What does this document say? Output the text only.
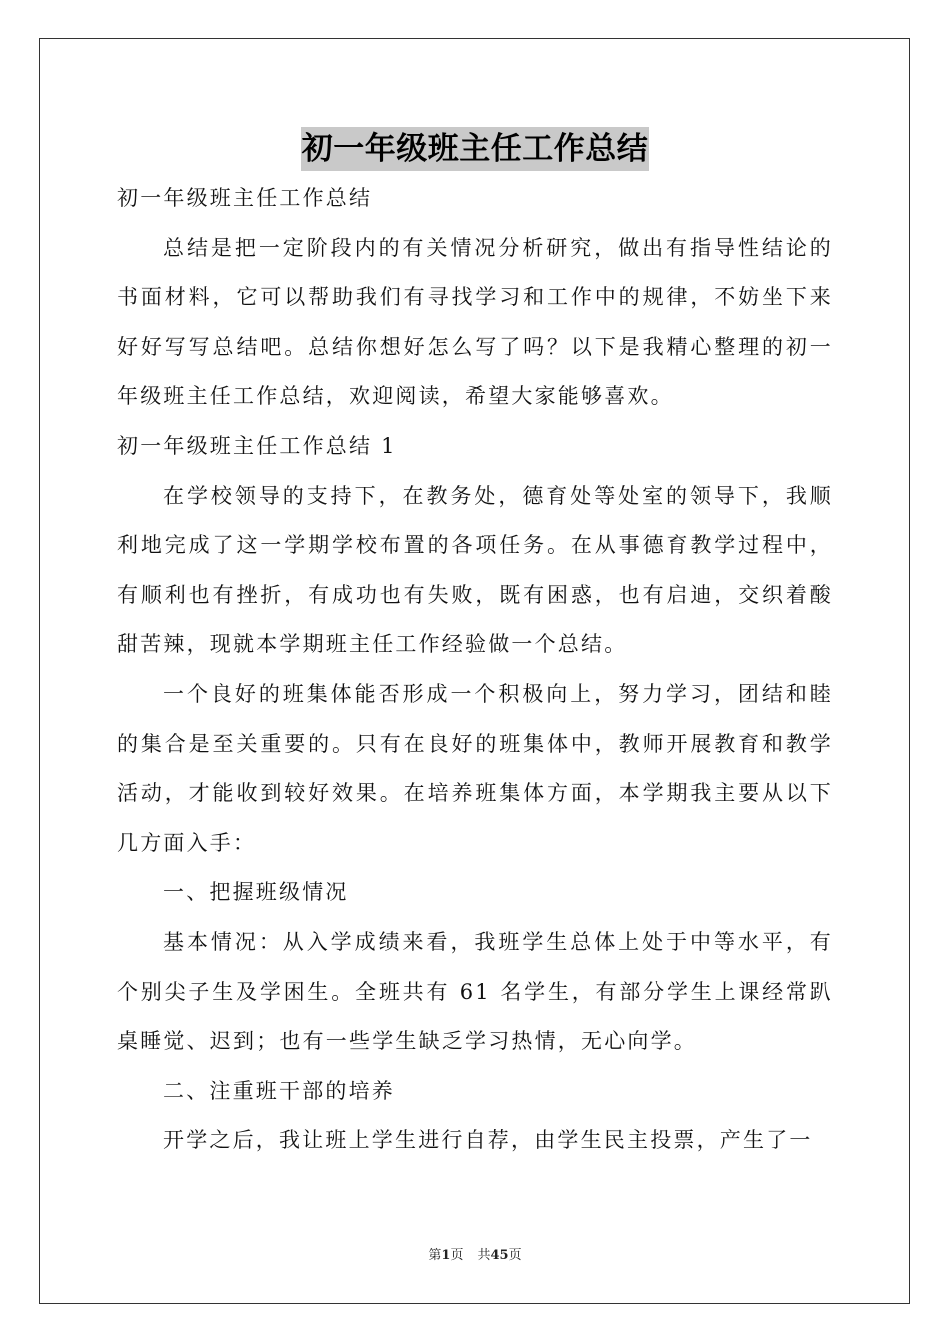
初一年级班主任工作总结

初一年级班主任工作总结

总结是把一定阶段内的有关情况分析研究，做出有指导性结论的书面材料，它可以帮助我们有寻找学习和工作中的规律，不妨坐下来好好写写总结吧。总结你想好怎么写了吗？以下是我精心整理的初一年级班主任工作总结，欢迎阅读，希望大家能够喜欢。

初一年级班主任工作总结 1

在学校领导的支持下，在教务处，德育处等处室的领导下，我顺利地完成了这一学期学校布置的各项任务。在从事德育教学过程中，有顺利也有挫折，有成功也有失败，既有困惑，也有启迪，交织着酸甜苦辣，现就本学期班主任工作经验做一个总结。

一个良好的班集体能否形成一个积极向上，努力学习，团结和睦的集合是至关重要的。只有在良好的班集体中，教师开展教育和教学活动，才能收到较好效果。在培养班集体方面，本学期我主要从以下几方面入手：

一、把握班级情况

基本情况：从入学成绩来看，我班学生总体上处于中等水平，有个别尖子生及学困生。全班共有 61 名学生，有部分学生上课经常趴桌睡觉、迟到；也有一些学生缺乏学习热情，无心向学。

二、注重班干部的培养

开学之后，我让班上学生进行自荐，由学生民主投票，产生了一

第1页 共45页
